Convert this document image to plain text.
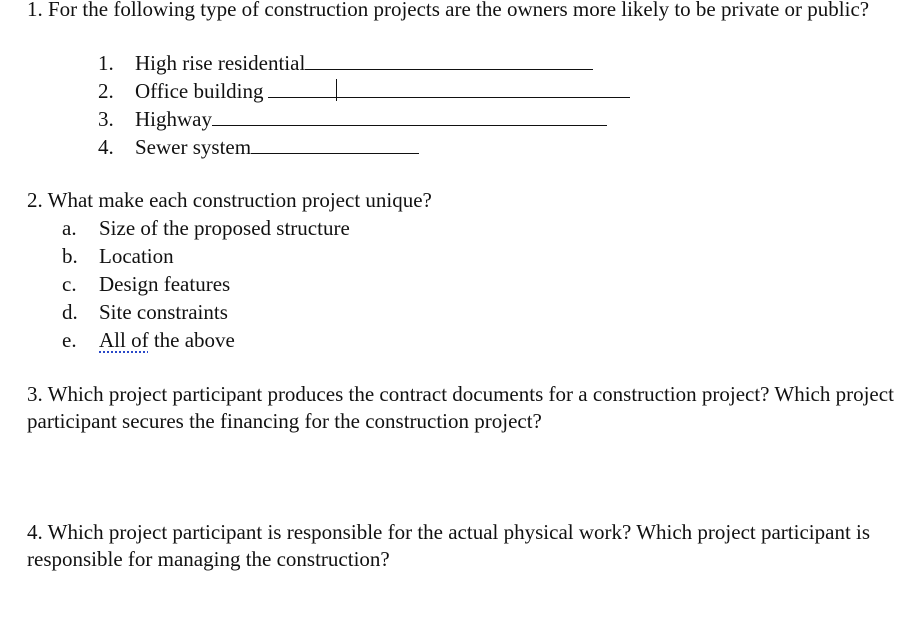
1. For the following type of construction projects are the owners more likely to be private or public?

1. High rise residential
2. Office building
3. Highway
4. Sewer system

2. What make each construction project unique?

a. Size of the proposed structure
b. Location
c. Design features
d. Site constraints
e. All of the above

3. Which project participant produces the contract documents for a construction project? Which project participant secures the financing for the construction project?

4. Which project participant is responsible for the actual physical work? Which project participant is responsible for managing the construction?
